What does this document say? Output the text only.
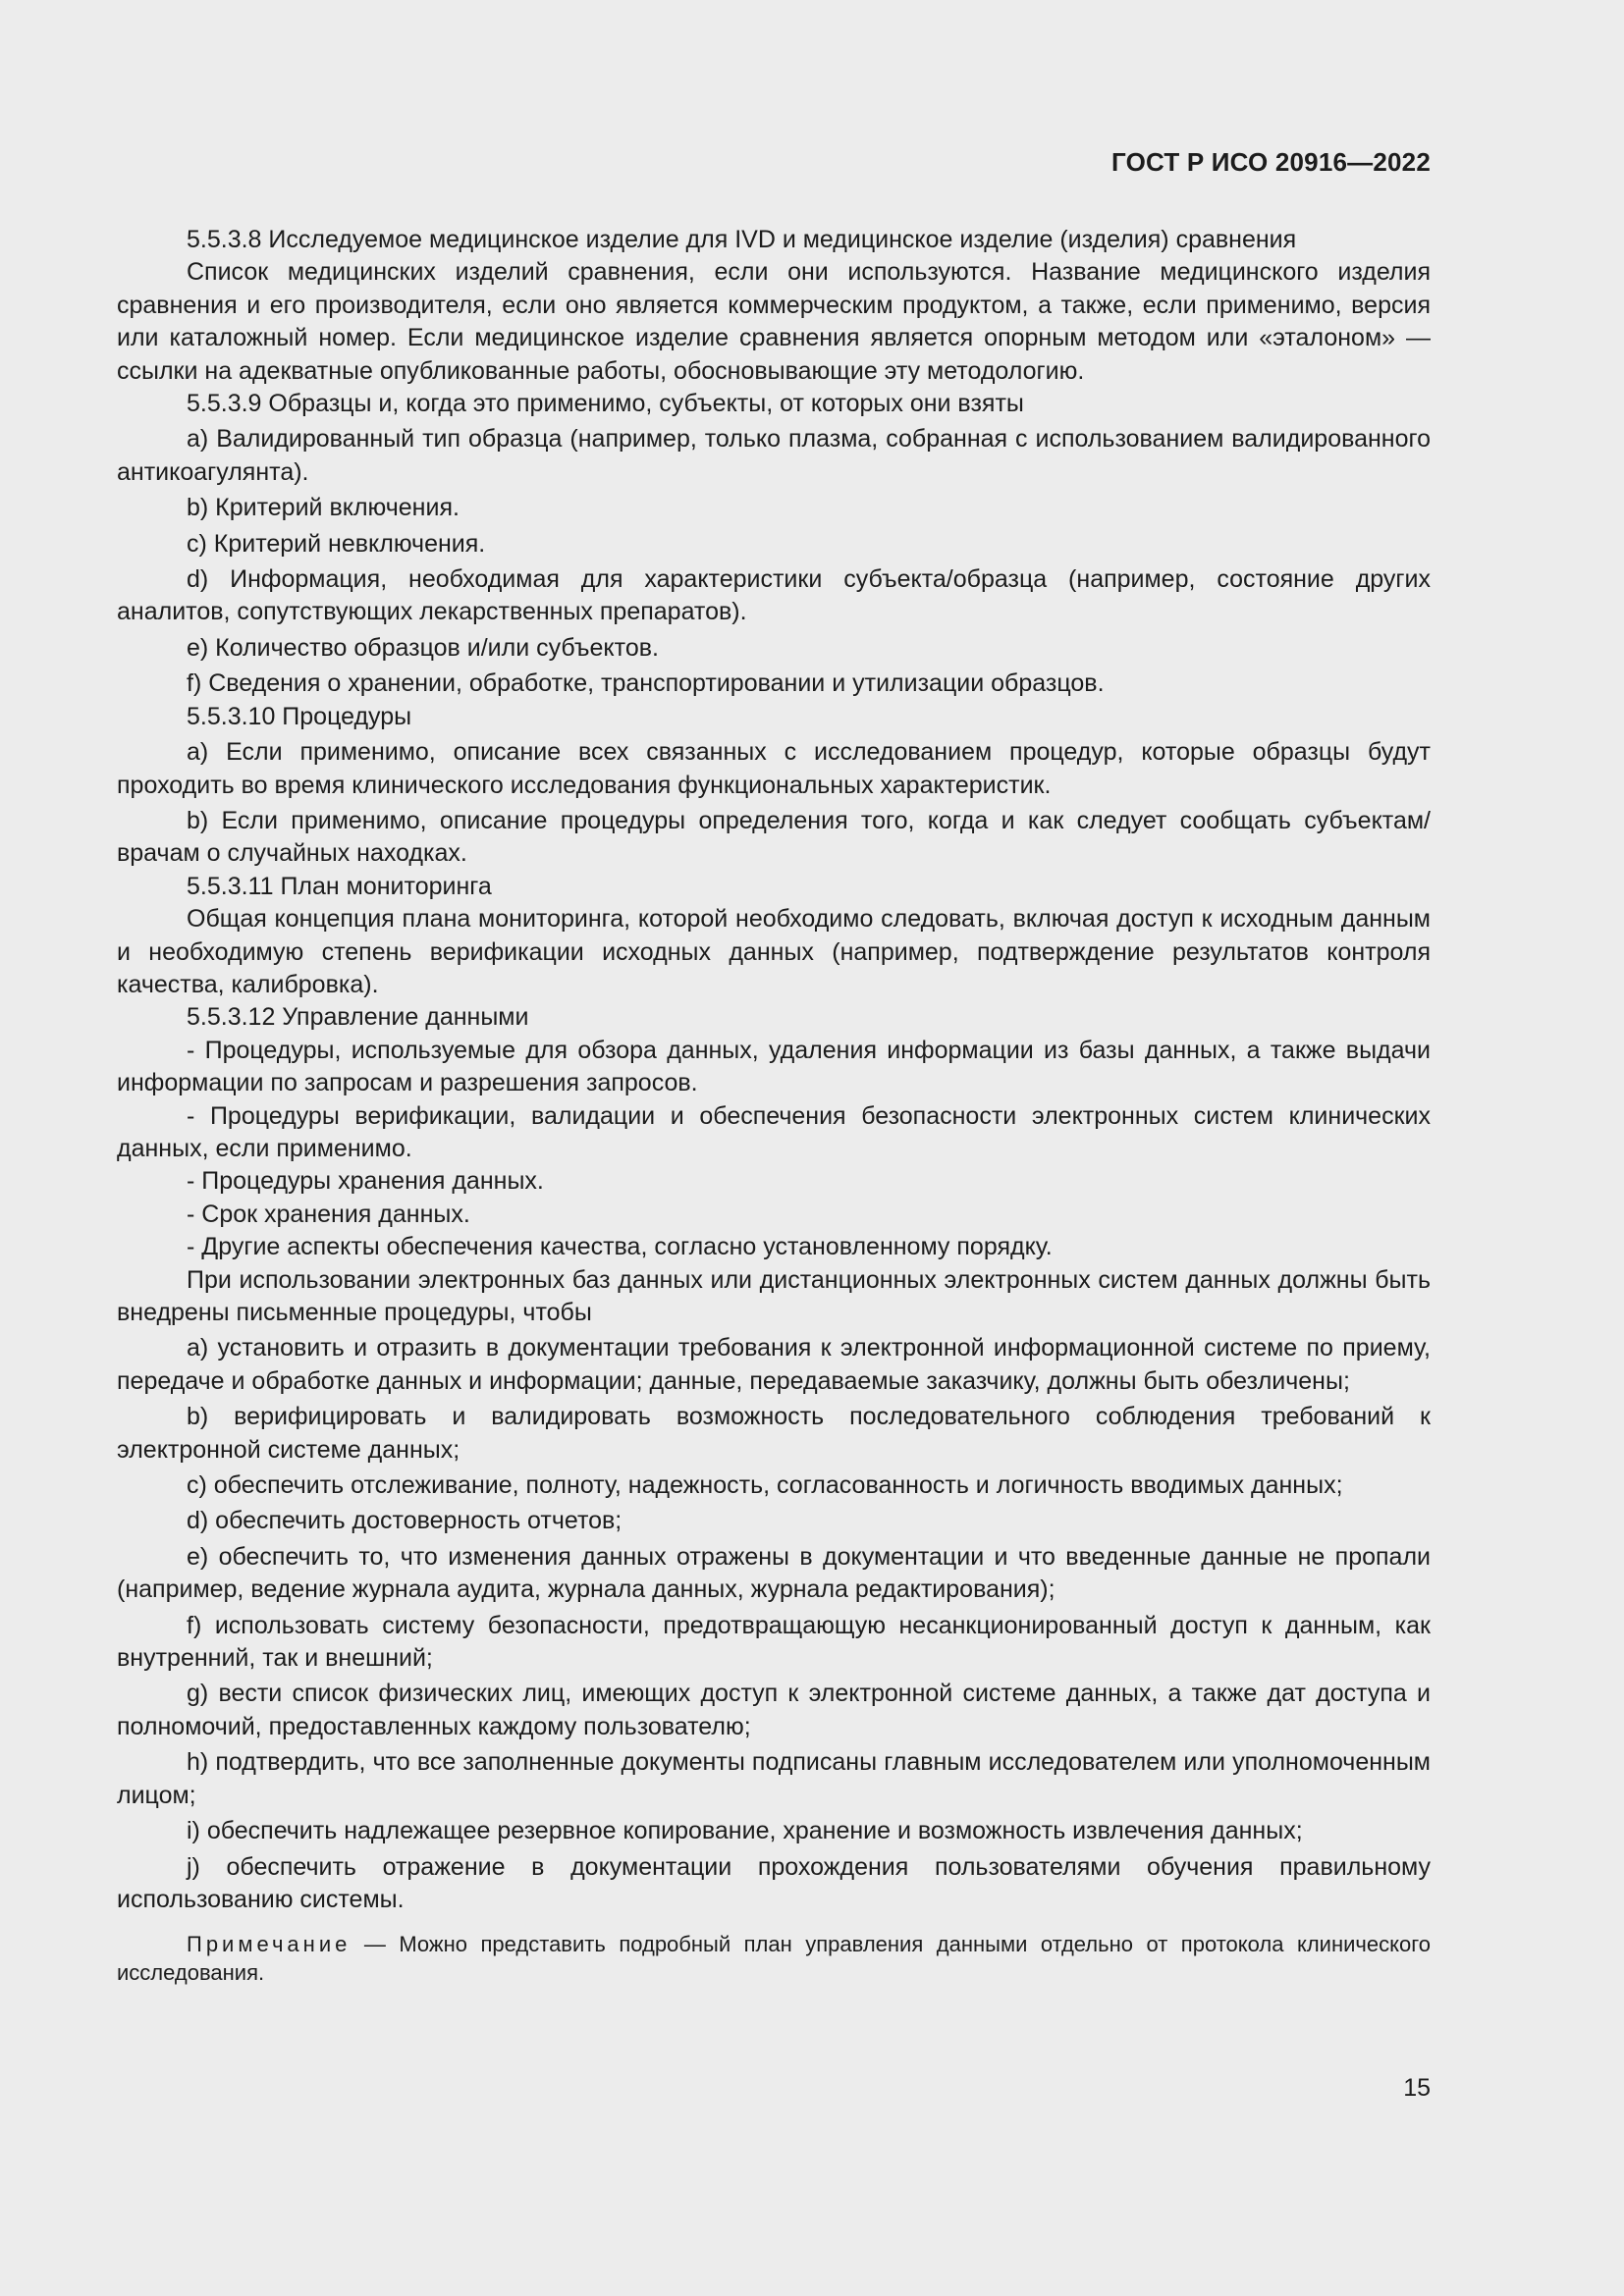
ГОСТ Р ИСО 20916—2022

5.5.3.8 Исследуемое медицинское изделие для IVD и медицинское изделие (изделия) сравнения

Список медицинских изделий сравнения, если они используются. Название медицинского изделия сравнения и его производителя, если оно является коммерческим продуктом, а также, если применимо, версия или каталожный номер. Если медицинское изделие сравнения является опорным методом или «эталоном» — ссылки на адекватные опубликованные работы, обосновывающие эту методологию.

5.5.3.9 Образцы и, когда это применимо, субъекты, от которых они взяты

a) Валидированный тип образца (например, только плазма, собранная с использованием валидированного антикоагулянта).

b) Критерий включения.

c) Критерий невключения.

d) Информация, необходимая для характеристики субъекта/образца (например, состояние других аналитов, сопутствующих лекарственных препаратов).

e) Количество образцов и/или субъектов.

f) Сведения о хранении, обработке, транспортировании и утилизации образцов.

5.5.3.10 Процедуры

a) Если применимо, описание всех связанных с исследованием процедур, которые образцы будут проходить во время клинического исследования функциональных характеристик.

b) Если применимо, описание процедуры определения того, когда и как следует сообщать субъектам/врачам о случайных находках.

5.5.3.11 План мониторинга

Общая концепция плана мониторинга, которой необходимо следовать, включая доступ к исходным данным и необходимую степень верификации исходных данных (например, подтверждение результатов контроля качества, калибровка).

5.5.3.12 Управление данными

- Процедуры, используемые для обзора данных, удаления информации из базы данных, а также выдачи информации по запросам и разрешения запросов.

- Процедуры верификации, валидации и обеспечения безопасности электронных систем клинических данных, если применимо.

- Процедуры хранения данных.

- Срок хранения данных.

- Другие аспекты обеспечения качества, согласно установленному порядку.

При использовании электронных баз данных или дистанционных электронных систем данных должны быть внедрены письменные процедуры, чтобы

a) установить и отразить в документации требования к электронной информационной системе по приему, передаче и обработке данных и информации; данные, передаваемые заказчику, должны быть обезличены;

b) верифицировать и валидировать возможность последовательного соблюдения требований к электронной системе данных;

c) обеспечить отслеживание, полноту, надежность, согласованность и логичность вводимых данных;

d) обеспечить достоверность отчетов;

e) обеспечить то, что изменения данных отражены в документации и что введенные данные не пропали (например, ведение журнала аудита, журнала данных, журнала редактирования);

f) использовать систему безопасности, предотвращающую несанкционированный доступ к данным, как внутренний, так и внешний;

g) вести список физических лиц, имеющих доступ к электронной системе данных, а также дат доступа и полномочий, предоставленных каждому пользователю;

h) подтвердить, что все заполненные документы подписаны главным исследователем или уполномоченным лицом;

i) обеспечить надлежащее резервное копирование, хранение и возможность извлечения данных;

j) обеспечить отражение в документации прохождения пользователями обучения правильному использованию системы.

Примечание — Можно представить подробный план управления данными отдельно от протокола клинического исследования.

15
